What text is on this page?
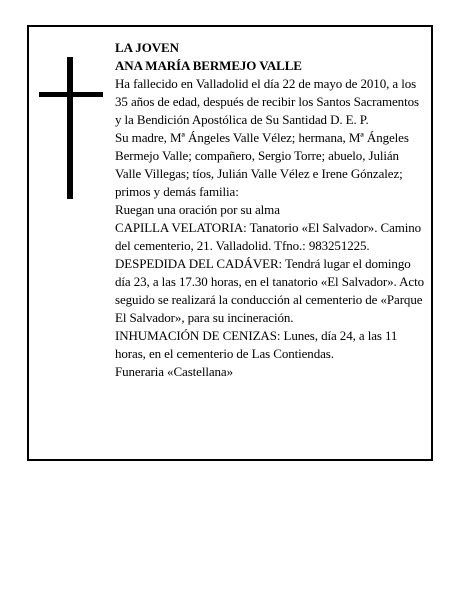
LA JOVEN

ANA MARÍA BERMEJO VALLE

Ha fallecido en Valladolid el día 22 de mayo de 2010, a los 35 años de edad, después de recibir los Santos Sacramentos y la Bendición Apostólica de Su Santidad D. E. P.

Su madre, Mª Ángeles Valle Vélez; hermana, Mª Ángeles Bermejo Valle; compañero, Sergio Torre; abuelo, Julián Valle Villegas; tíos, Julián Valle Vélez e Irene Gónzalez; primos y demás familia:

Ruegan una oración por su alma

CAPILLA VELATORIA: Tanatorio «El Salvador». Camino del cementerio, 21. Valladolid. Tfno.: 983251225.

DESPEDIDA DEL CADÁVER: Tendrá lugar el domingo día 23, a las 17.30 horas, en el tanatorio «El Salvador». Acto seguido se realizará la conducción al cementerio de «Parque El Salvador», para su incineración.

INHUMACIÓN DE CENIZAS: Lunes, día 24, a las 11 horas, en el cementerio de Las Contiendas.

Funeraria «Castellana»
